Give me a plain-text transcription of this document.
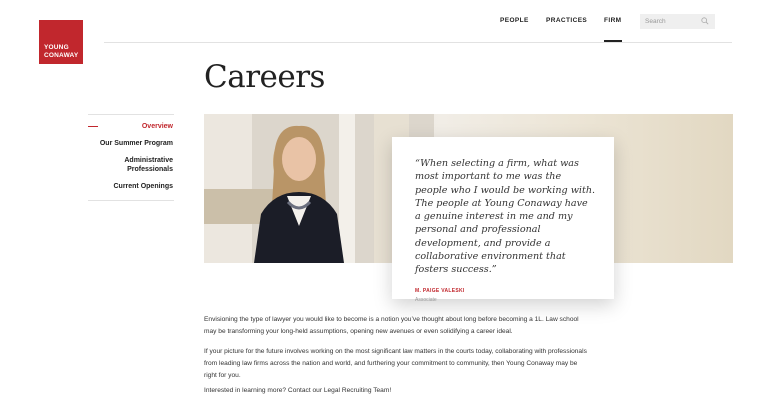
YOUNG
CONAWAY
PEOPLE	PRACTICES	FIRM	Search
Careers
Overview
Our Summer Program
Administrative Professionals
Current Openings

“When selecting a firm, what was most important to me was the people who I would be working with. The people at Young Conaway have a genuine interest in me and my personal and professional development, and provide a collaborative environment that fosters success.”

M. PAIGE VALESKI
Associate

Envisioning the type of lawyer you would like to become is a notion you’ve thought about long before becoming a 1L. Law school may be transforming your long-held assumptions, opening new avenues or even solidifying a career ideal.

If your picture for the future involves working on the most significant law matters in the courts today, collaborating with professionals from leading law firms across the nation and world, and furthering your commitment to community, then Young Conaway may be right for you.

Interested in learning more? Contact our Legal Recruiting Team!
